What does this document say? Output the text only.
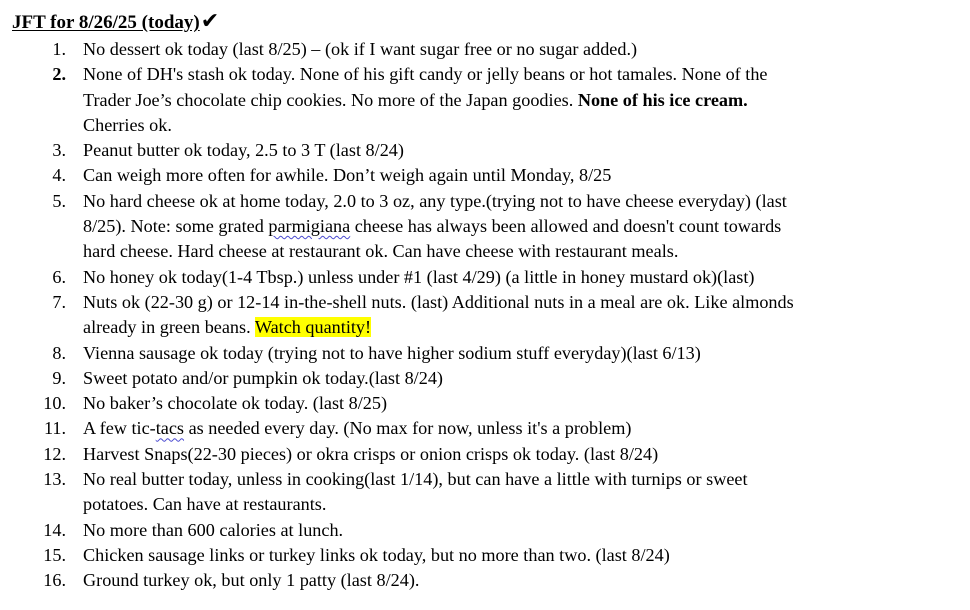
JFT for 8/26/25 (today)✔
1. No dessert ok today (last 8/25) – (ok if I want sugar free or no sugar added.)
2. None of DH's stash ok today. None of his gift candy or jelly beans or hot tamales. None of the
Trader Joe’s chocolate chip cookies. No more of the Japan goodies. None of his ice cream.
Cherries ok.
3. Peanut butter ok today, 2.5 to 3 T (last 8/24)
4. Can weigh more often for awhile. Don’t weigh again until Monday, 8/25
5. No hard cheese ok at home today, 2.0 to 3 oz, any type.(trying not to have cheese everyday) (last
8/25). Note: some grated parmigiana cheese has always been allowed and doesn't count towards
hard cheese. Hard cheese at restaurant ok. Can have cheese with restaurant meals.
6. No honey ok today(1-4 Tbsp.) unless under #1 (last 4/29) (a little in honey mustard ok)(last)
7. Nuts ok (22-30 g) or 12-14 in-the-shell nuts. (last) Additional nuts in a meal are ok. Like almonds
already in green beans. Watch quantity!
8. Vienna sausage ok today (trying not to have higher sodium stuff everyday)(last 6/13)
9. Sweet potato and/or pumpkin ok today.(last 8/24)
10. No baker’s chocolate ok today. (last 8/25)
11. A few tic-tacs as needed every day. (No max for now, unless it's a problem)
12. Harvest Snaps(22-30 pieces) or okra crisps or onion crisps ok today. (last 8/24)
13. No real butter today, unless in cooking(last 1/14), but can have a little with turnips or sweet
potatoes. Can have at restaurants.
14. No more than 600 calories at lunch.
15. Chicken sausage links or turkey links ok today, but no more than two. (last 8/24)
16. Ground turkey ok, but only 1 patty (last 8/24).
